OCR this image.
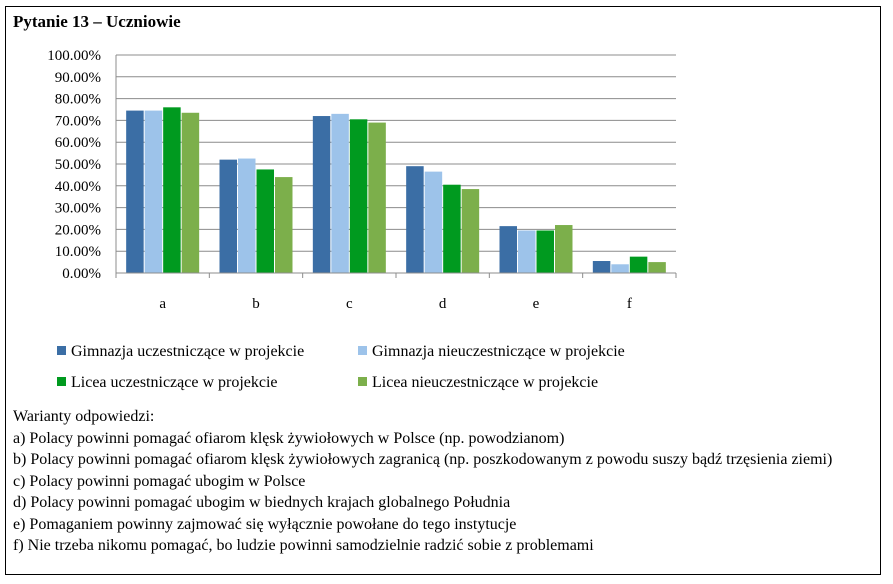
Pytanie 13 – Uczniowie
0.00%
10.00%
20.00%
30.00%
40.00%
50.00%
60.00%
70.00%
80.00%
90.00%
100.00%
a	b	c	d	e	f
Gimnazja uczestniczące w projekcie	Gimnazja nieuczestniczące w projekcie
Licea uczestniczące w projekcie	Licea nieuczestniczące w projekcie
Warianty odpowiedzi:
a) Polacy powinni pomagać ofiarom klęsk żywiołowych w Polsce (np. powodzianom)
b) Polacy powinni pomagać ofiarom klęsk żywiołowych zagranicą (np. poszkodowanym z powodu suszy bądź trzęsienia ziemi)
c) Polacy powinni pomagać ubogim w Polsce
d) Polacy powinni pomagać ubogim w biednych krajach globalnego Południa
e) Pomaganiem powinny zajmować się wyłącznie powołane do tego instytucje
f) Nie trzeba nikomu pomagać, bo ludzie powinni samodzielnie radzić sobie z problemami
